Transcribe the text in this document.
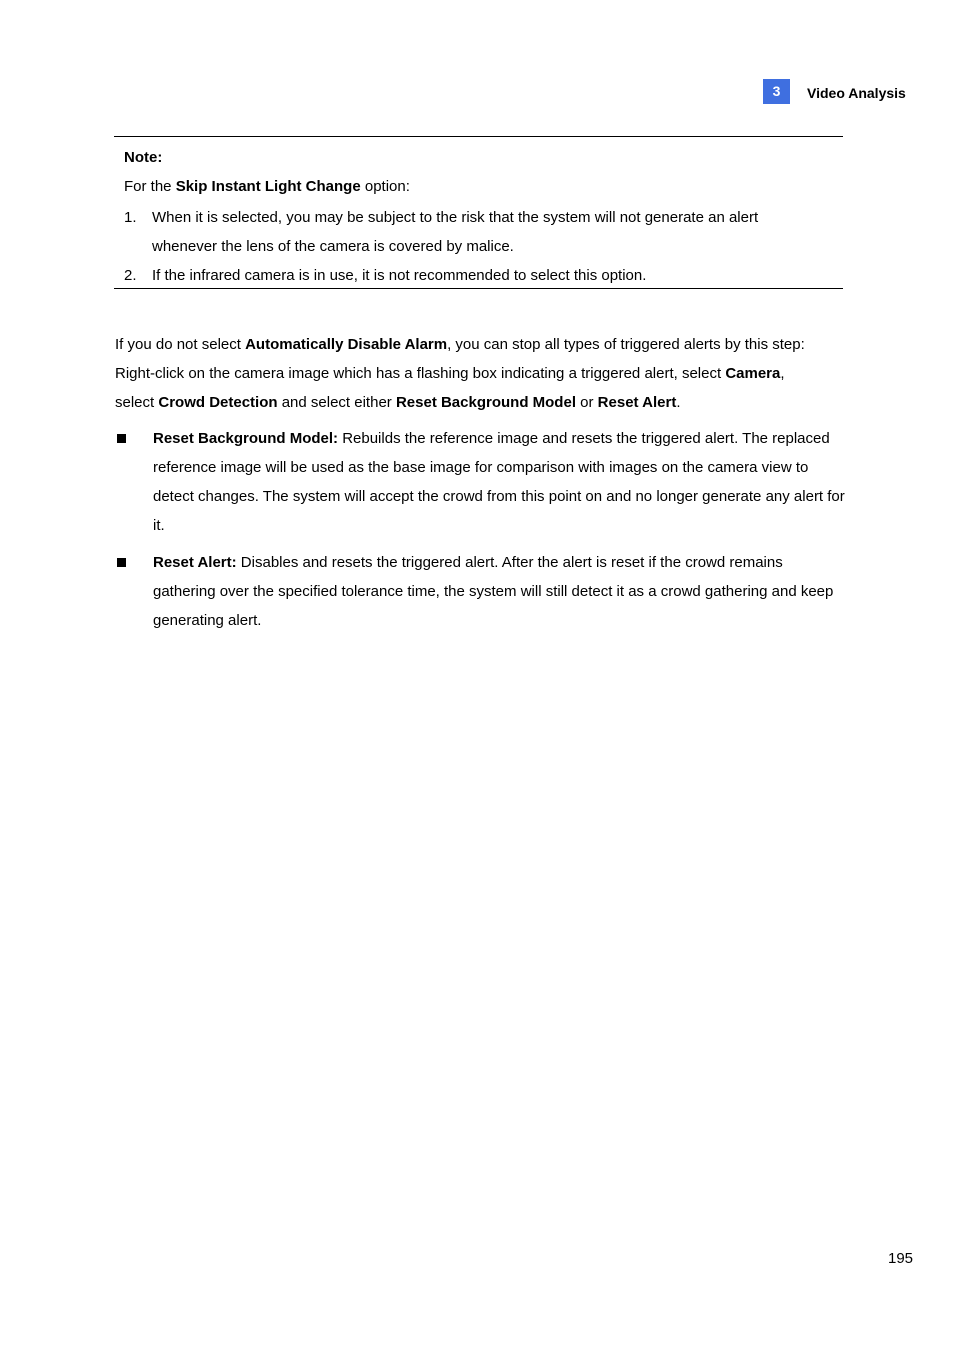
3	Video Analysis
Note:
For the Skip Instant Light Change option:
1.	When it is selected, you may be subject to the risk that the system will not generate an alert whenever the lens of the camera is covered by malice.
2.	If the infrared camera is in use, it is not recommended to select this option.
If you do not select Automatically Disable Alarm, you can stop all types of triggered alerts by this step: Right-click on the camera image which has a flashing box indicating a triggered alert, select Camera, select Crowd Detection and select either Reset Background Model or Reset Alert.
Reset Background Model: Rebuilds the reference image and resets the triggered alert. The replaced reference image will be used as the base image for comparison with images on the camera view to detect changes. The system will accept the crowd from this point on and no longer generate any alert for it.
Reset Alert: Disables and resets the triggered alert. After the alert is reset if the crowd remains gathering over the specified tolerance time, the system will still detect it as a crowd gathering and keep generating alert.
195
